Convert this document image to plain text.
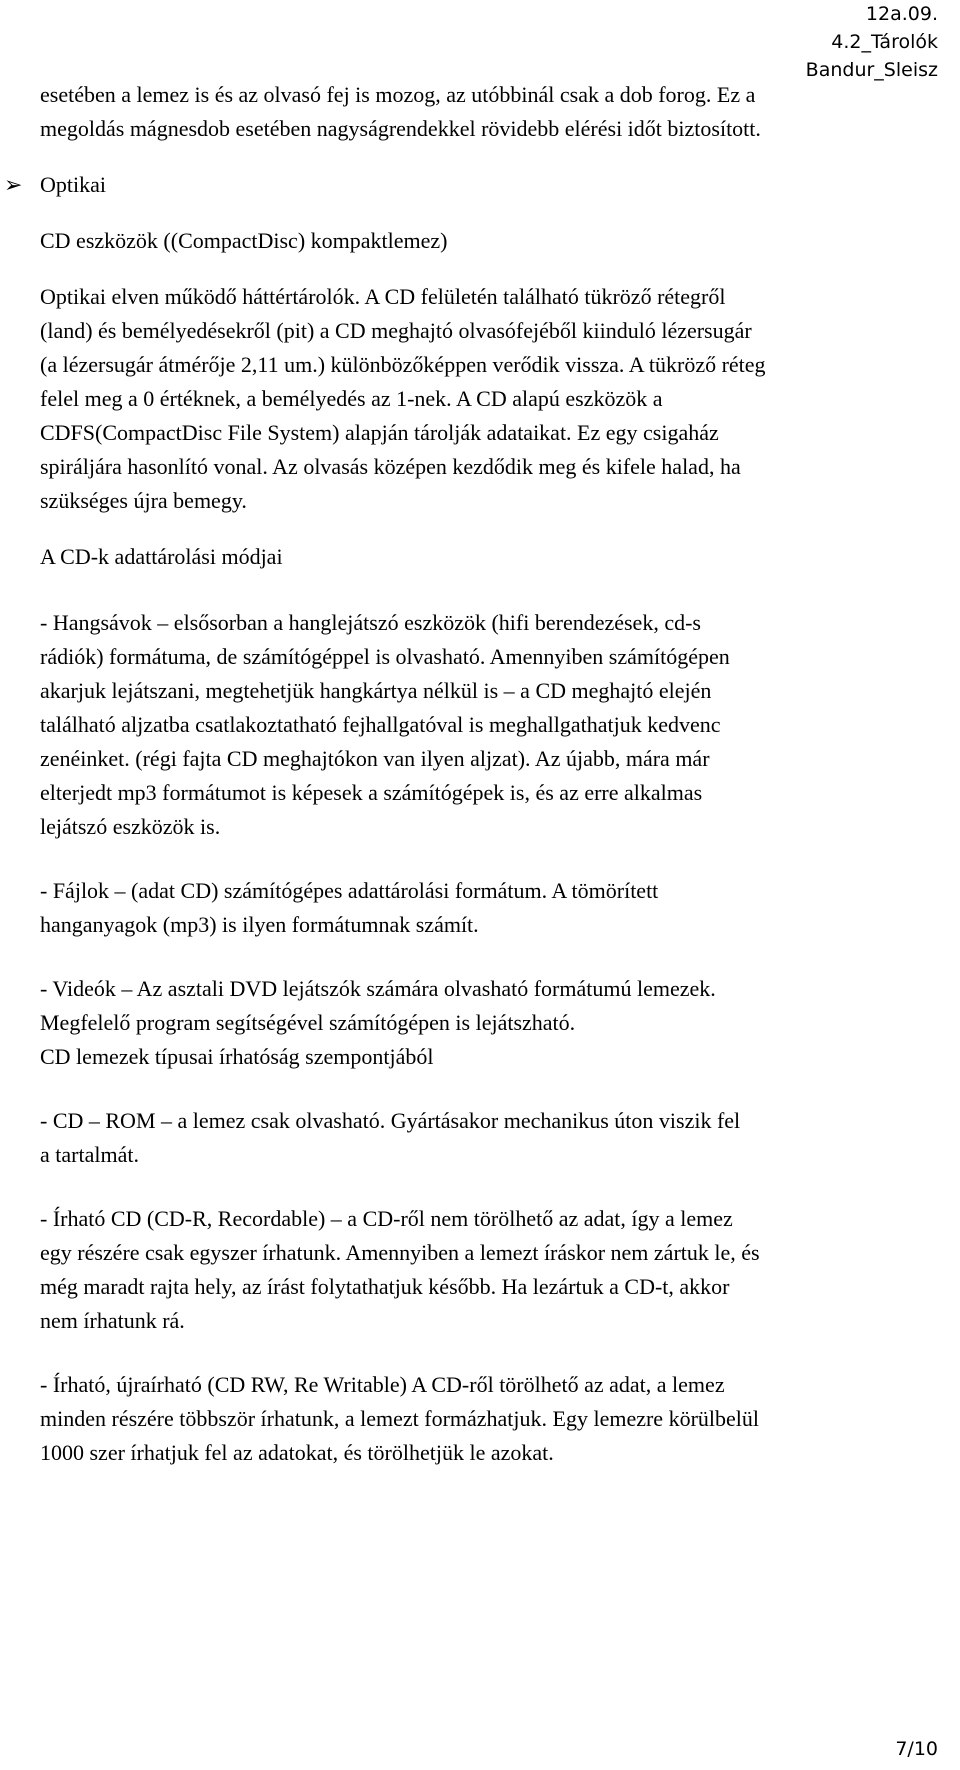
12a.09.
4.2_Tárolók
Bandur_Sleisz

esetében a lemez is és az olvasó fej is mozog, az utóbbinál csak a dob forog. Ez a

megoldás mágnesdob esetében nagyságrendekkel rövidebb elérési időt biztosított.

➢ Optikai

CD eszközök ((CompactDisc) kompaktlemez)

Optikai elven működő háttértárolók. A CD felületén található tükröző rétegről

(land) és bemélyedésekről (pit) a CD meghajtó olvasófejéből kiinduló lézersugár

(a lézersugár átmérője 2,11 um.) különbözőképpen verődik vissza. A tükröző réteg

felel meg a 0 értéknek, a bemélyedés az 1-nek. A CD alapú eszközök a

CDFS(CompactDisc File System) alapján tárolják adataikat. Ez egy csigaház

spiráljára hasonlító vonal. Az olvasás középen kezdődik meg és kifele halad, ha

szükséges újra bemegy.

A CD-k adattárolási módjai

- Hangsávok – elsősorban a hanglejátszó eszközök (hifi berendezések, cd-s

rádiók) formátuma, de számítógéppel is olvasható. Amennyiben számítógépen

akarjuk lejátszani, megtehetjük hangkártya nélkül is – a CD meghajtó elején

található aljzatba csatlakoztatható fejhallgatóval is meghallgathatjuk kedvenc

zenéinket. (régi fajta CD meghajtókon van ilyen aljzat). Az újabb, mára már

elterjedt mp3 formátumot is képesek a számítógépek is, és az erre alkalmas

lejátszó eszközök is.

- Fájlok – (adat CD) számítógépes adattárolási formátum. A tömörített

hanganyagok (mp3) is ilyen formátumnak számít.

- Videók – Az asztali DVD lejátszók számára olvasható formátumú lemezek.

Megfelelő program segítségével számítógépen is lejátszható.

CD lemezek típusai írhatóság szempontjából

- CD – ROM – a lemez csak olvasható. Gyártásakor mechanikus úton viszik fel

a tartalmát.

- Írható CD (CD-R, Recordable) – a CD-ről nem törölhető az adat, így a lemez

egy részére csak egyszer írhatunk. Amennyiben a lemezt íráskor nem zártuk le, és

még maradt rajta hely, az írást folytathatjuk később. Ha lezártuk a CD-t, akkor

nem írhatunk rá.

- Írható, újraírható (CD RW, Re Writable) A CD-ről törölhető az adat, a lemez

minden részére többször írhatunk, a lemezt formázhatjuk. Egy lemezre körülbelül

1000 szer írhatjuk fel az adatokat, és törölhetjük le azokat.

7/10
